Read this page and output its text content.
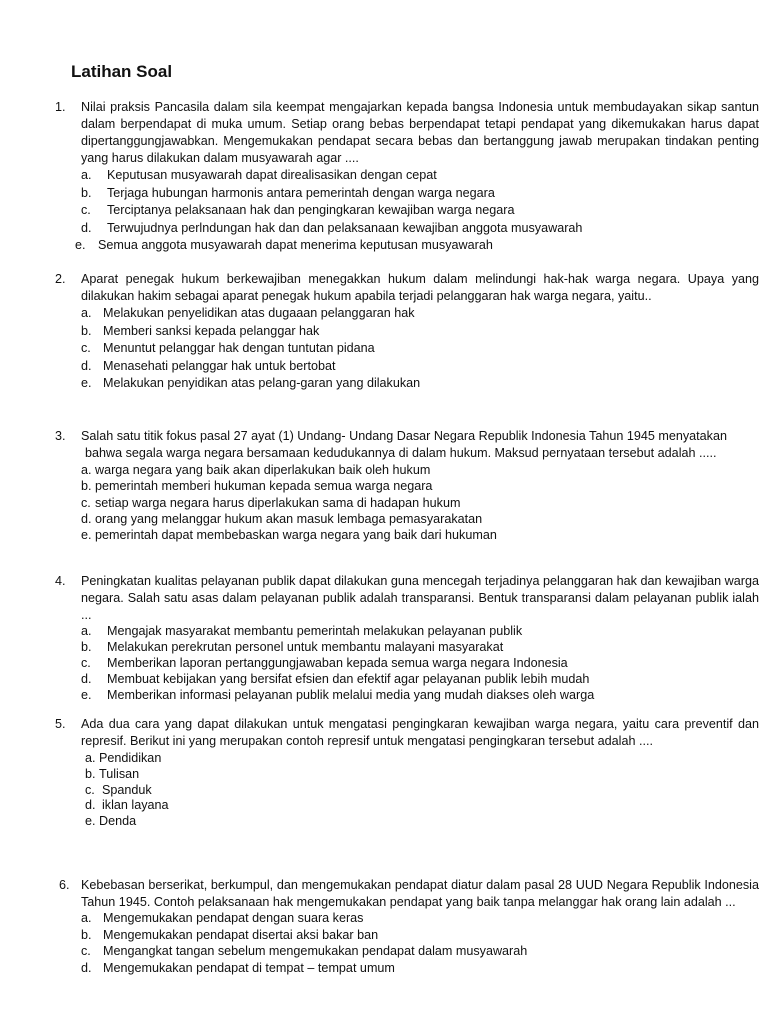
Latihan Soal
1. Nilai praksis Pancasila dalam sila keempat mengajarkan kepada bangsa Indonesia untuk membudayakan sikap santun dalam berpendapat di muka umum. Setiap orang bebas berpendapat tetapi pendapat yang dikemukakan harus dapat dipertanggungjawabkan. Mengemukakan pendapat secara bebas dan bertanggung jawab merupakan tindakan penting yang harus dilakukan dalam musyawarah agar ....
a. Keputusan musyawarah dapat direalisasikan dengan cepat
b. Terjaga hubungan harmonis antara pemerintah dengan warga negara
c. Terciptanya pelaksanaan hak dan pengingkaran kewajiban warga negara
d. Terwujudnya perlndungan hak dan dan pelaksanaan kewajiban anggota musyawarah
e. Semua anggota musyawarah dapat menerima keputusan musyawarah
2. Aparat penegak hukum berkewajiban menegakkan hukum dalam melindungi hak-hak warga negara. Upaya yang dilakukan hakim sebagai aparat penegak hukum apabila terjadi pelanggaran hak warga negara, yaitu..
a. Melakukan penyelidikan atas dugaaan pelanggaran hak
b. Memberi sanksi kepada pelanggar hak
c. Menuntut pelanggar hak dengan tuntutan pidana
d. Menasehati pelanggar hak untuk bertobat
e. Melakukan penyidikan atas pelang-garan yang dilakukan
3. Salah satu titik fokus pasal 27 ayat (1) Undang- Undang Dasar Negara Republik Indonesia Tahun 1945 menyatakan bahwa segala warga negara bersamaan kedudukannya di dalam hukum. Maksud pernyataan tersebut adalah .....
a. warga negara yang baik akan diperlakukan baik oleh hukum
b. pemerintah memberi hukuman kepada semua warga negara
c. setiap warga negara harus diperlakukan sama di hadapan hukum
d. orang yang melanggar hukum akan masuk lembaga pemasyarakatan
e. pemerintah dapat membebaskan warga negara yang baik dari hukuman
4. Peningkatan kualitas pelayanan publik dapat dilakukan guna mencegah terjadinya pelanggaran hak dan kewajiban warga negara. Salah satu asas dalam pelayanan publik adalah transparansi. Bentuk transparansi dalam pelayanan publik ialah ...
a. Mengajak masyarakat membantu pemerintah melakukan pelayanan publik
b. Melakukan perekrutan personel untuk membantu malayani masyarakat
c. Memberikan laporan pertanggungjawaban kepada semua warga negara Indonesia
d. Membuat kebijakan yang bersifat efsien dan efektif agar pelayanan publik lebih mudah
e. Memberikan informasi pelayanan publik melalui media yang mudah diakses oleh warga
5. Ada dua cara yang dapat dilakukan untuk mengatasi pengingkaran kewajiban warga negara, yaitu cara preventif dan represif. Berikut ini yang merupakan contoh represif untuk mengatasi pengingkaran tersebut adalah ....
a. Pendidikan
b. Tulisan
c. Spanduk
d. iklan layana
e. Denda
6. Kebebasan berserikat, berkumpul, dan mengemukakan pendapat diatur dalam pasal 28 UUD Negara Republik Indonesia Tahun 1945. Contoh pelaksanaan hak mengemukakan pendapat yang baik tanpa melanggar hak orang lain adalah ...
a. Mengemukakan pendapat dengan suara keras
b. Mengemukakan pendapat disertai aksi bakar ban
c. Mengangkat tangan sebelum mengemukakan pendapat dalam musyawarah
d. Mengemukakan pendapat di tempat – tempat umum
